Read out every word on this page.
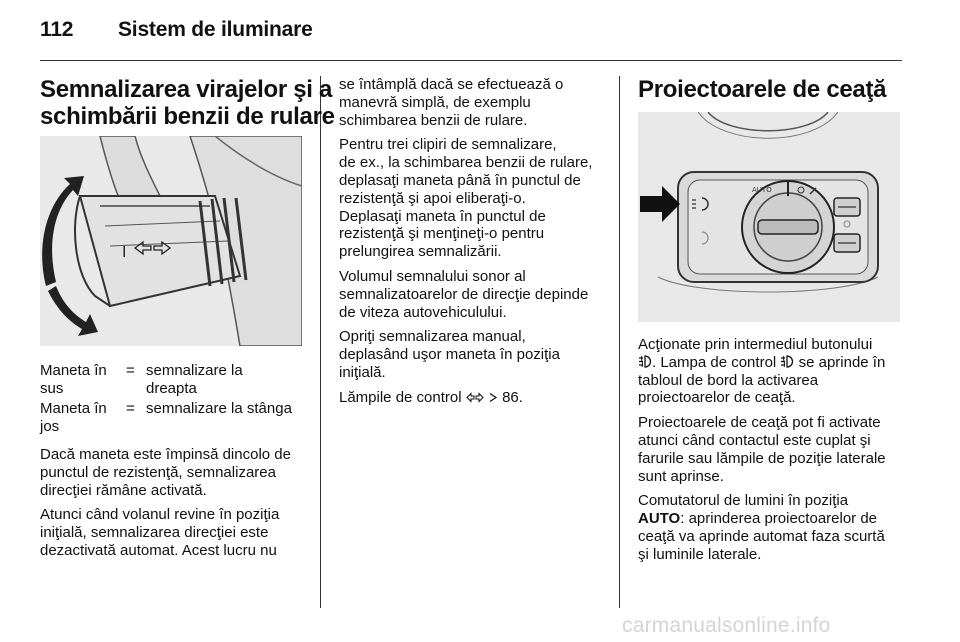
112 Sistem de iluminare
Semnalizarea virajelor şi a
schimbării benzii de rulare
I
Maneta în
sus
= semnalizare la
dreapta
Maneta în
jos
= semnalizare la stânga

Dacă maneta este împinsă dincolo de
punctul de rezistenţă, semnalizarea
direcţiei rămâne activată.

Atunci când volanul revine în poziţia
iniţială, semnalizarea direcţiei este
dezactivată automat. Acest lucru nu

se întâmplă dacă se efectuează o
manevră simplă, de exemplu
schimbarea benzii de rulare.

Pentru trei clipiri de semnalizare,
de ex., la schimbarea benzii de rulare,
deplasaţi maneta până în punctul de
rezistenţă şi apoi eliberaţi-o.
Deplasaţi maneta în punctul de
rezistenţă şi menţineţi-o pentru
prelungirea semnalizării.

Volumul semnalului sonor al
semnalizatoarelor de direcţie depinde
de viteza autovehiculului.

Opriţi semnalizarea manual,
deplasând uşor maneta în poziţia
iniţială.

Lămpile de control	86.

Proiectoarele de ceaţă
AUTO

Acţionate prin intermediul butonului
. Lampa de control se aprinde în
tabloul de bord la activarea
proiectoarelor de ceaţă.

Proiectoarele de ceaţă pot fi activate
atunci când contactul este cuplat şi
farurile sau lămpile de poziţie laterale
sunt aprinse.

Comutatorul de lumini în poziţia
AUTO: aprinderea proiectoarelor de
ceaţă va aprinde automat faza scurtă
şi luminile laterale.

carmanualsonline.info
